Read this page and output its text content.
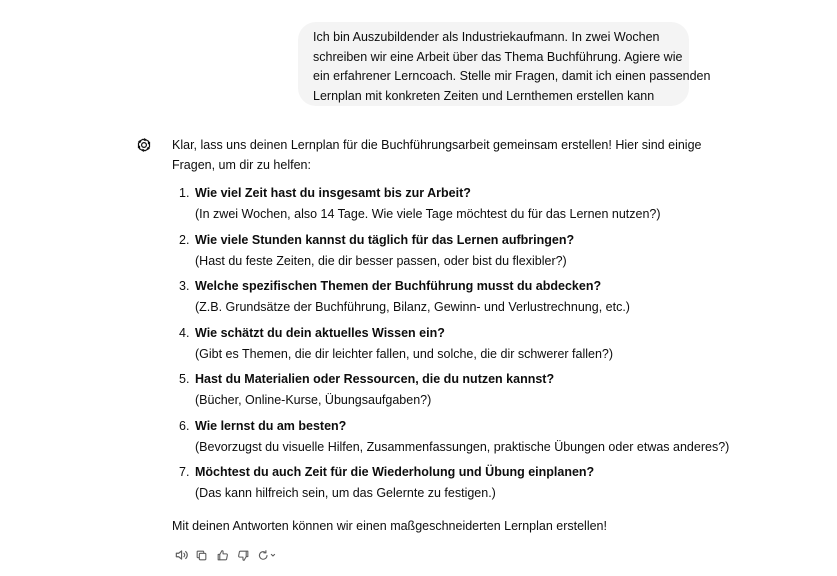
Ich bin Auszubildender als Industriekaufmann. In zwei Wochen
schreiben wir eine Arbeit über das Thema Buchführung. Agiere wie
ein erfahrener Lerncoach. Stelle mir Fragen, damit ich einen passenden
Lernplan mit konkreten Zeiten und Lernthemen erstellen kann
Klar, lass uns deinen Lernplan für die Buchführungsarbeit gemeinsam erstellen! Hier sind einige
Fragen, um dir zu helfen:
1. Wie viel Zeit hast du insgesamt bis zur Arbeit?
(In zwei Wochen, also 14 Tage. Wie viele Tage möchtest du für das Lernen nutzen?)
2. Wie viele Stunden kannst du täglich für das Lernen aufbringen?
(Hast du feste Zeiten, die dir besser passen, oder bist du flexibler?)
3. Welche spezifischen Themen der Buchführung musst du abdecken?
(Z.B. Grundsätze der Buchführung, Bilanz, Gewinn- und Verlustrechnung, etc.)
4. Wie schätzt du dein aktuelles Wissen ein?
(Gibt es Themen, die dir leichter fallen, und solche, die dir schwerer fallen?)
5. Hast du Materialien oder Ressourcen, die du nutzen kannst?
(Bücher, Online-Kurse, Übungsaufgaben?)
6. Wie lernst du am besten?
(Bevorzugst du visuelle Hilfen, Zusammenfassungen, praktische Übungen oder etwas anderes?)
7. Möchtest du auch Zeit für die Wiederholung und Übung einplanen?
(Das kann hilfreich sein, um das Gelernte zu festigen.)
Mit deinen Antworten können wir einen maßgeschneiderten Lernplan erstellen!
